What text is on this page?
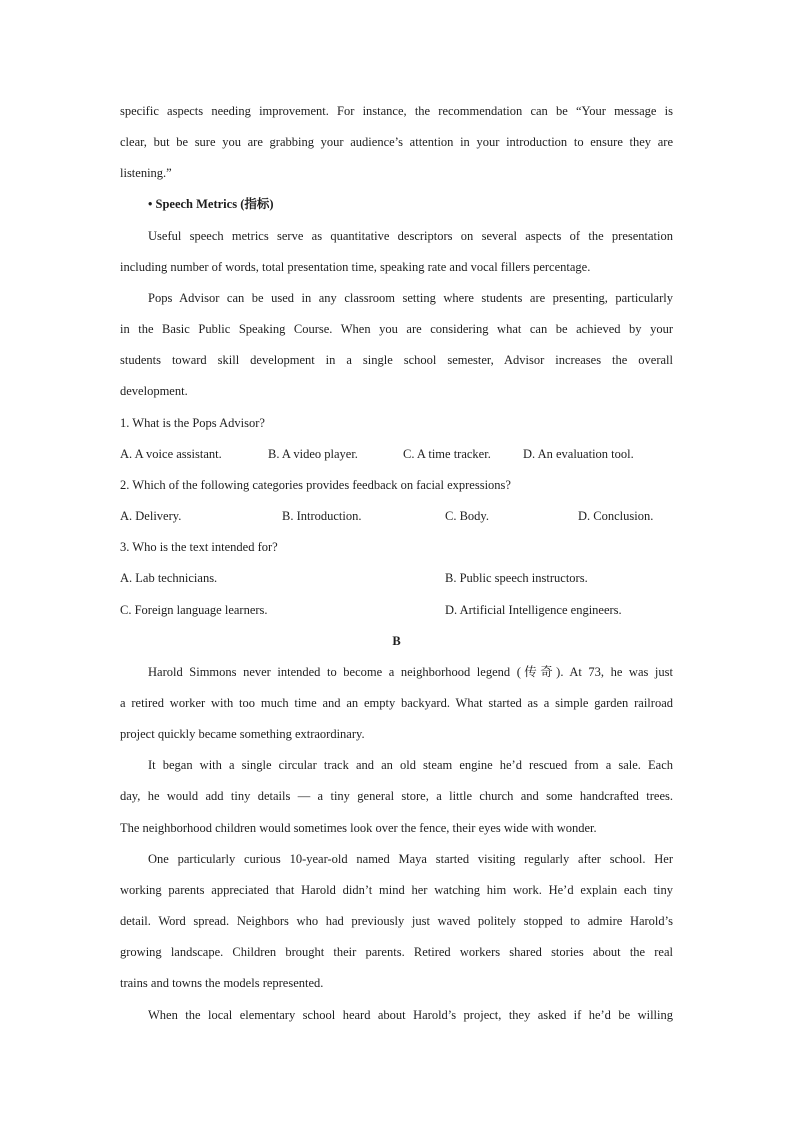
specific aspects needing improvement. For instance, the recommendation can be “Your message is
clear, but be sure you are grabbing your audience’s attention in your introduction to ensure they are
listening.”
• Speech Metrics (指标)
Useful speech metrics serve as quantitative descriptors on several aspects of the presentation
including number of words, total presentation time, speaking rate and vocal fillers percentage.
Pops Advisor can be used in any classroom setting where students are presenting, particularly
in the Basic Public Speaking Course. When you are considering what can be achieved by your
students toward skill development in a single school semester, Advisor increases the overall
development.
1. What is the Pops Advisor?
A. A voice assistant.	B. A video player.	C. A time tracker.	D. An evaluation tool.
2. Which of the following categories provides feedback on facial expressions?
A. Delivery.	B. Introduction.	C. Body.	D. Conclusion.
3. Who is the text intended for?
A. Lab technicians.	B. Public speech instructors.
C. Foreign language learners.	D. Artificial Intelligence engineers.
B
Harold Simmons never intended to become a neighborhood legend (传奇). At 73, he was just
a retired worker with too much time and an empty backyard. What started as a simple garden railroad
project quickly became something extraordinary.
It began with a single circular track and an old steam engine he’d rescued from a sale. Each
day, he would add tiny details — a tiny general store, a little church and some handcrafted trees.
The neighborhood children would sometimes look over the fence, their eyes wide with wonder.
One particularly curious 10-year-old named Maya started visiting regularly after school. Her
working parents appreciated that Harold didn’t mind her watching him work. He’d explain each tiny
detail. Word spread. Neighbors who had previously just waved politely stopped to admire Harold’s
growing landscape. Children brought their parents. Retired workers shared stories about the real
trains and towns the models represented.
When the local elementary school heard about Harold’s project, they asked if he’d be willing
